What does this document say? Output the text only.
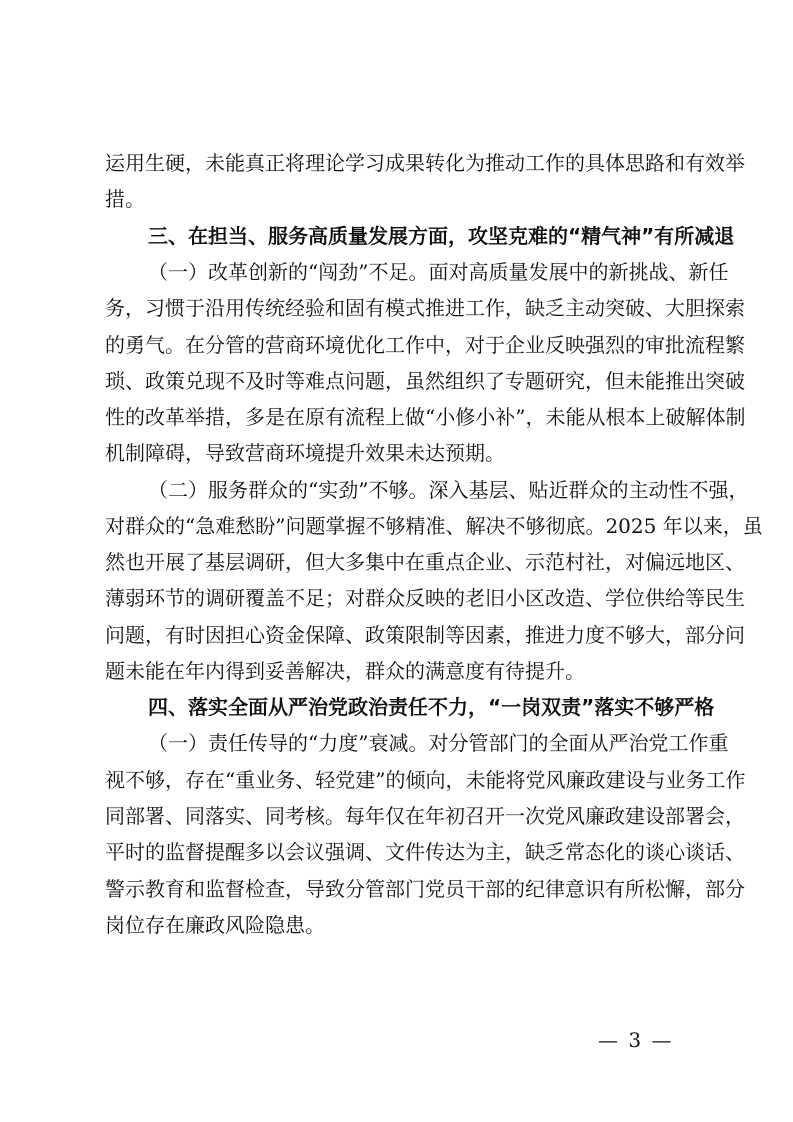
— 3 —
运用生硬，未能真正将理论学习成果转化为推动工作的具体思路和有效举
措。
三、在担当、服务高质量发展方面，攻坚克难的“精气神”有所减退
（一）改革创新的“闯劲”不足。面对高质量发展中的新挑战、新任
务，习惯于沿用传统经验和固有模式推进工作，缺乏主动突破、大胆探索
的勇气。在分管的营商环境优化工作中，对于企业反映强烈的审批流程繁
琐、政策兑现不及时等难点问题，虽然组织了专题研究，但未能推出突破
性的改革举措，多是在原有流程上做“小修小补”，未能从根本上破解体制
机制障碍，导致营商环境提升效果未达预期。
（二）服务群众的“实劲”不够。深入基层、贴近群众的主动性不强，
对群众的“急难愁盼”问题掌握不够精准、解决不够彻底。2025 年以来，虽
然也开展了基层调研，但大多集中在重点企业、示范村社，对偏远地区、
薄弱环节的调研覆盖不足；对群众反映的老旧小区改造、学位供给等民生
问题，有时因担心资金保障、政策限制等因素，推进力度不够大，部分问
题未能在年内得到妥善解决，群众的满意度有待提升。
四、落实全面从严治党政治责任不力，“一岗双责”落实不够严格
（一）责任传导的“力度”衰减。对分管部门的全面从严治党工作重
视不够，存在“重业务、轻党建”的倾向，未能将党风廉政建设与业务工作
同部署、同落实、同考核。每年仅在年初召开一次党风廉政建设部署会，
平时的监督提醒多以会议强调、文件传达为主，缺乏常态化的谈心谈话、
警示教育和监督检查，导致分管部门党员干部的纪律意识有所松懈，部分
岗位存在廉政风险隐患。
